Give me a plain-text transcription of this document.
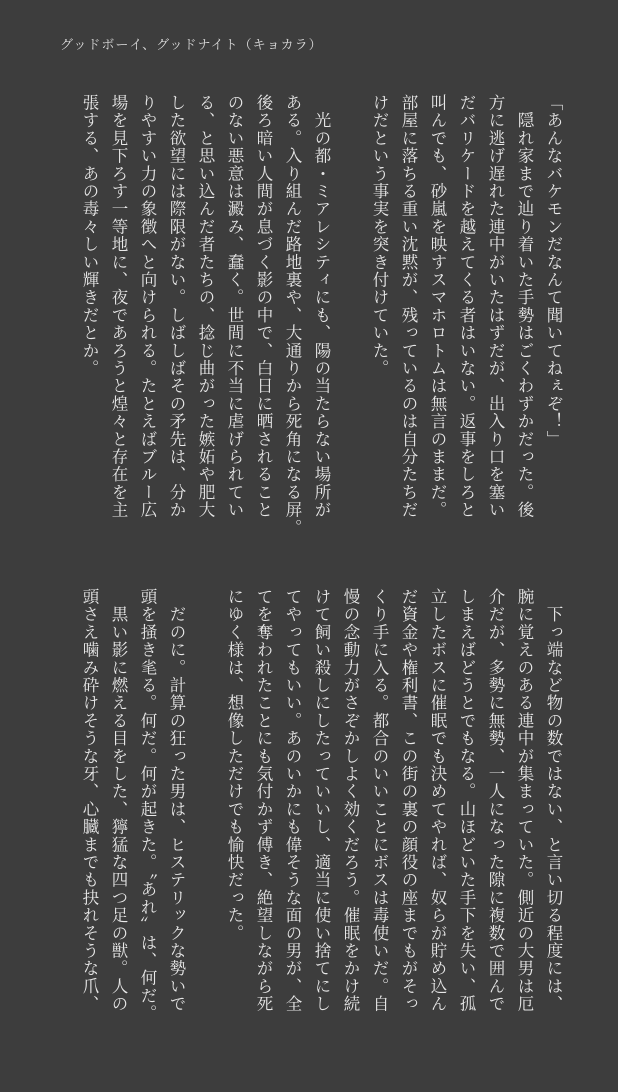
グッドボーイ、グッドナイト（キョカラ）
「あんなバケモンだなんて聞いてねぇぞ！」
　隠れ家まで辿り着いた手勢はごくわずかだった。後
方に逃げ遅れた連中がいたはずだが、出入り口を塞い
だバリケードを越えてくる者はいない。返事をしろと
叫んでも、砂嵐を映すスマホロトムは無言のままだ。
部屋に落ちる重い沈黙が、残っているのは自分たちだ
けだという事実を突き付けていた。

　光の都・ミアレシティにも、陽の当たらない場所が
ある。入り組んだ路地裏や、大通りから死角になる屏。
後ろ暗い人間が息づく影の中で、白日に晒されること
のない悪意は澱み、蠢く。世間に不当に虐げられてい
る、と思い込んだ者たちの、捻じ曲がった嫉妬や肥大
した欲望には際限がない。しばしばその矛先は、分か
りやすい力の象徴へと向けられる。たとえばブルー広
場を見下ろす一等地に、夜であろうと煌々と存在を主
張する、あの毒々しい輝きだとか。
　下っ端など物の数ではない、と言い切る程度には、
腕に覚えのある連中が集まっていた。側近の大男は厄
介だが、多勢に無勢、一人になった隙に複数で囲んで
しまえばどうとでもなる。山ほどいた手下を失い、孤
立したボスに催眠でも決めてやれば、奴らが貯め込ん
だ資金や権利書、この街の裏の顔役の座までもがそっ
くり手に入る。都合のいいことにボスは毒使いだ。自
慢の念動力がさぞかしよく効くだろう。催眠をかけ続
けて飼い殺しにしたっていいし、適当に使い捨てにし
てやってもいい。あのいかにも偉そうな面の男が、全
てを奪われたことにも気付かず傅き、絶望しながら死
にゆく様は、想像しただけでも愉快だった。

　だのに。計算の狂った男は、ヒステリックな勢いで
頭を掻き毟る。何だ。何が起きた。〝あれ〟は、何だ。
　黒い影に燃える目をした、獰猛な四つ足の獣。人の
頭さえ噛み砕けそうな牙、心臓までも抉れそうな爪、
